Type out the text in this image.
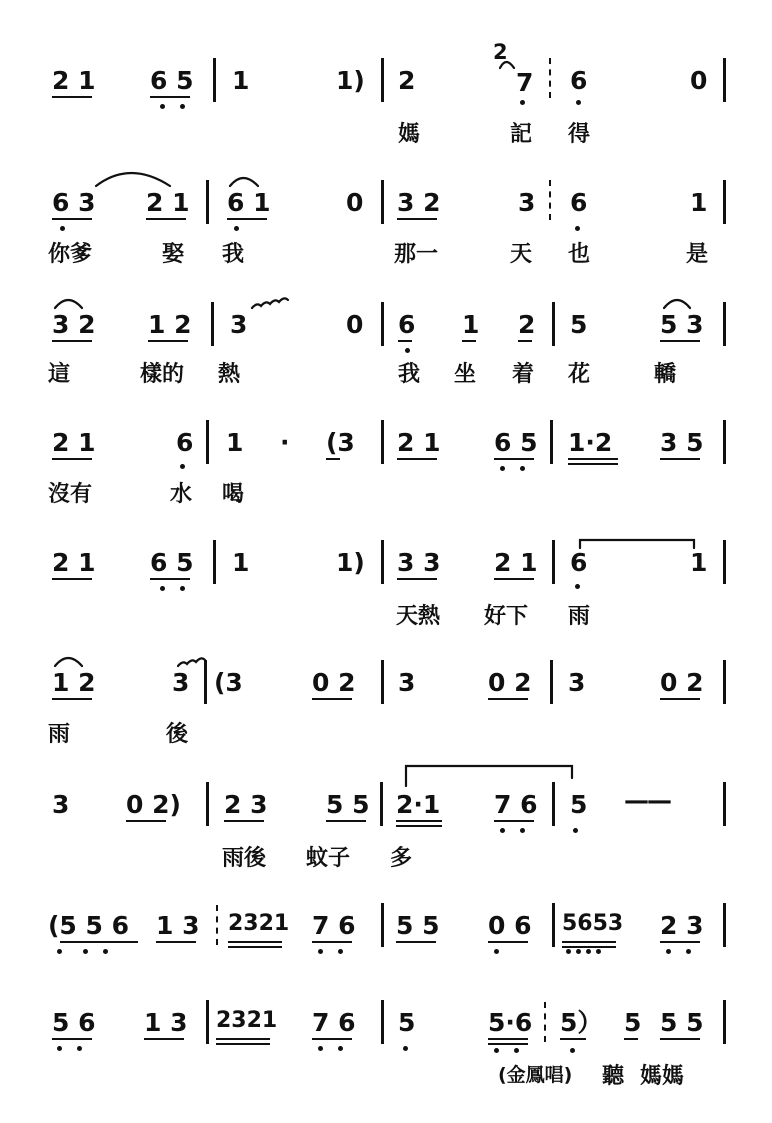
2 1 6 5 1	1) 2
2
7 6	0
媽	記 得
6 3 2 1 6 1	0 3 2	3 6	1
你爹	娶 我	那一	天 也	是
3 2 1 2 3	0 6 1 2 5	5 3
這	樣的 熱	我 坐 着 花	轎
2 1	6 1 · (3 2 1 6 5 1·2 3 5
沒有	水 喝
2 1 6 5 1	1) 3 3 2 1 6	1
天熱 好下 雨
1 2	3 (3	0 2 3	0 2 3	0 2
雨	後
3 0 2) 2 3 5 5 2·1 7 6 5 ——
雨後 蚊子 多
(5 5 6 1 3 2321 7 6 5 5 0 6 5653 2 3
5 6 1 3 2321 7 6 5	5·6 5） 5 5 5
(金鳳唱) 聽 媽媽
